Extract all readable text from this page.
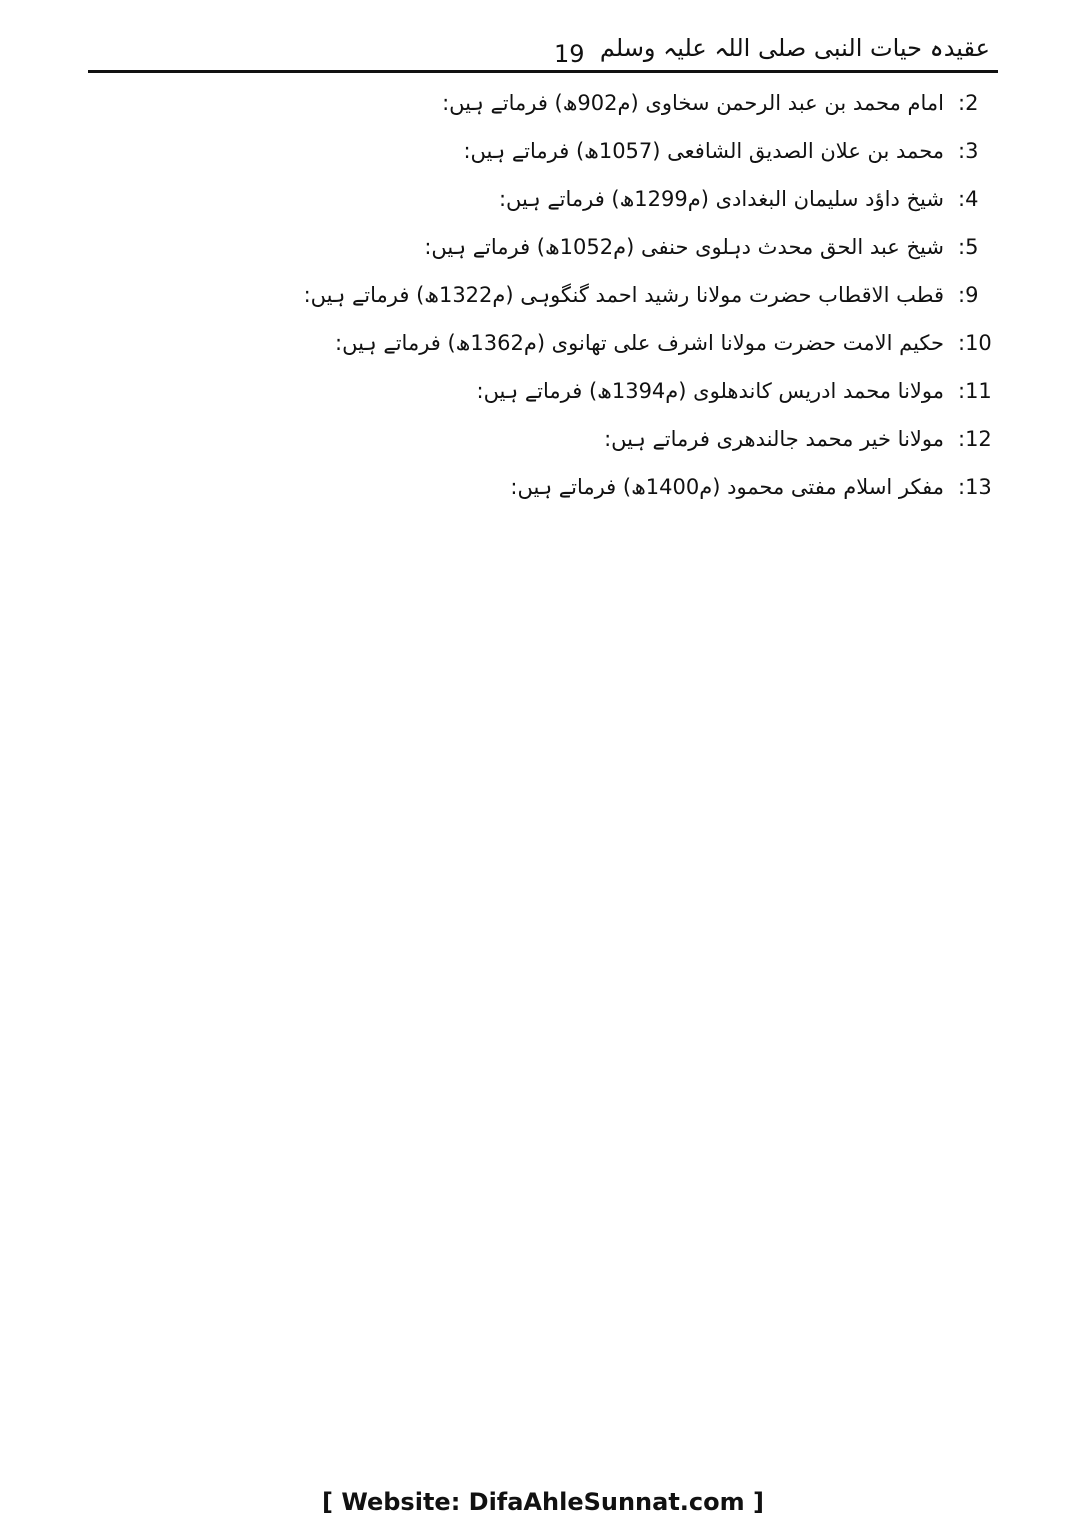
عقیدہ حیات النبی صلی اللہ علیہ وسلم
19
:2
امام محمد بن عبد الرحمن سخاوی (م902ھ) فرماتے ہیں:
:3
محمد بن علان الصدیق الشافعی (1057ھ) فرماتے ہیں:
:4
شیخ داؤد سلیمان البغدادی (م1299ھ) فرماتے ہیں:
:5
شیخ عبد الحق محدث دہلوی حنفی (م1052ھ) فرماتے ہیں:
:9
قطب الاقطاب حضرت مولانا رشید احمد گنگوہی (م1322ھ) فرماتے ہیں:
:10
حکیم الامت حضرت مولانا اشرف علی تھانوی (م1362ھ) فرماتے ہیں:
:11
مولانا محمد ادریس کاندھلوی (م1394ھ) فرماتے ہیں:
:12
مولانا خیر محمد جالندھری فرماتے ہیں:
:13
مفکر اسلام مفتی محمود (م1400ھ) فرماتے ہیں:
[ Website: DifaAhleSunnat.com ]
